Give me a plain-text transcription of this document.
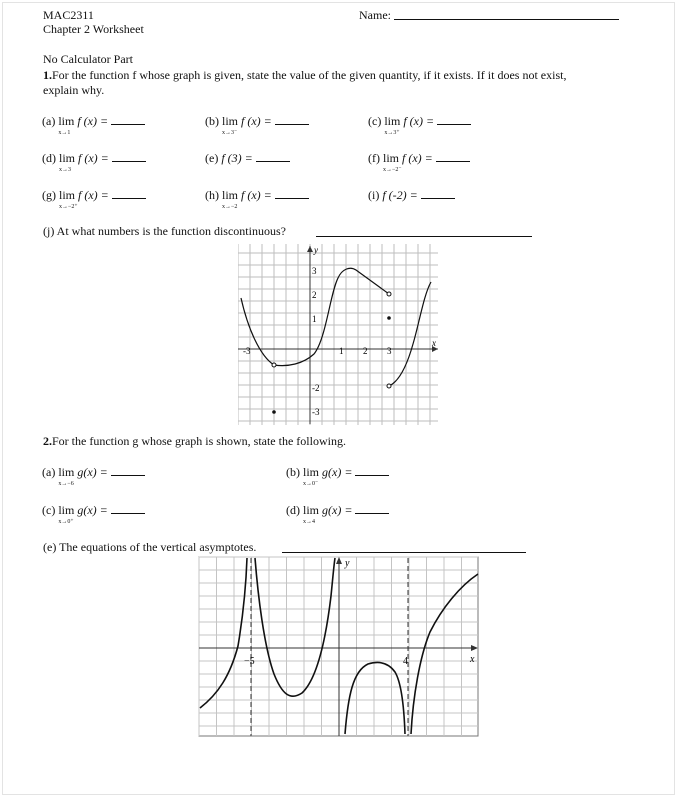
MAC2311
Chapter 2 Worksheet
Name:
No Calculator Part
1.For the function f whose graph is given, state the value of the given quantity, if it exists. If it does not exist,
explain why.
(a) lim
x→1
f (x) =	(b) lim
x→3⁻
f (x) =	(c) lim
x→3⁺
f (x) =
(d) lim
x→3
f (x) =	(e) f (3) =	(f) lim
x→−2⁻
f (x) =
(g) lim
x→−2⁺
f (x) =	(h) lim
x→−2
f (x) =	(i) f (-2) =
(j) At what numbers is the function discontinuous?
y
x
-3	1 2 3
3
2
1
-2
-3
2.For the function g whose graph is shown, state the following.
(a) lim
x→−6
g(x) =	(b) lim
x→0⁻
g(x) =
(c) lim
x→0⁺
g(x) =	(d) lim
x→4
g(x) =
(e) The equations of the vertical asymptotes.
y
x
−5	4
